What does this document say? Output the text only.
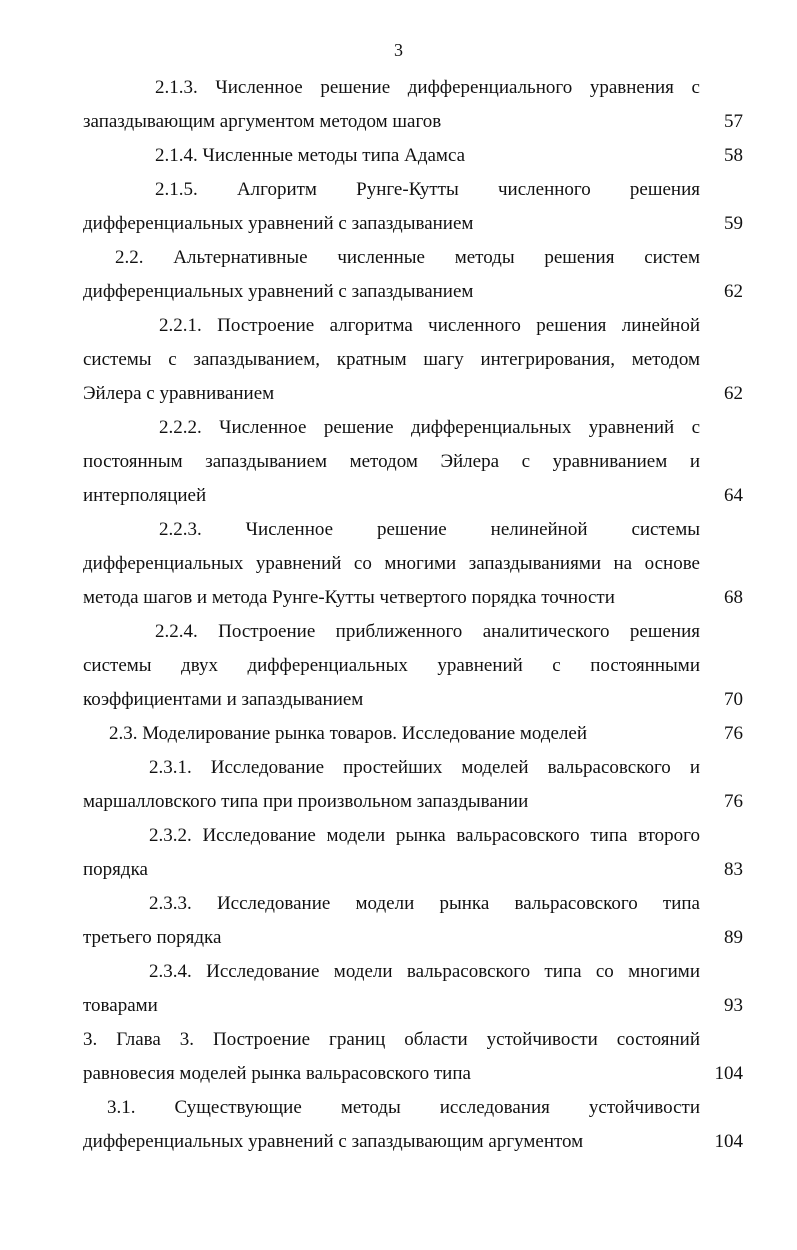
3
2.1.3. Численное решение дифференциального уравнения с
запаздывающим аргументом методом шагов	57
2.1.4. Численные методы типа Адамса	58
2.1.5. Алгоритм Рунге-Кутты численного решения
дифференциальных уравнений с запаздыванием	59
2.2. Альтернативные численные методы решения систем
дифференциальных уравнений с запаздыванием	62
2.2.1. Построение алгоритма численного решения линейной
системы с запаздыванием, кратным шагу интегрирования, методом
Эйлера с уравниванием	62
2.2.2. Численное решение дифференциальных уравнений с
постоянным запаздыванием методом Эйлера с уравниванием и
интерполяцией	64
2.2.3. Численное решение нелинейной системы
дифференциальных уравнений со многими запаздываниями на основе
метода шагов и метода Рунге-Кутты четвертого порядка точности	68
2.2.4. Построение приближенного аналитического решения
системы двух дифференциальных уравнений с постоянными
коэффициентами и запаздыванием	70
2.3. Моделирование рынка товаров. Исследование моделей	76
2.3.1. Исследование простейших моделей вальрасовского и
маршалловского типа при произвольном запаздывании	76
2.3.2. Исследование модели рынка вальрасовского типа второго
порядка	83
2.3.3. Исследование модели рынка вальрасовского типа
третьего порядка	89
2.3.4. Исследование модели вальрасовского типа со многими
товарами	93
3. Глава 3. Построение границ области устойчивости состояний
равновесия моделей рынка вальрасовского типа	104
3.1. Существующие методы исследования устойчивости
дифференциальных уравнений с запаздывающим аргументом	104
